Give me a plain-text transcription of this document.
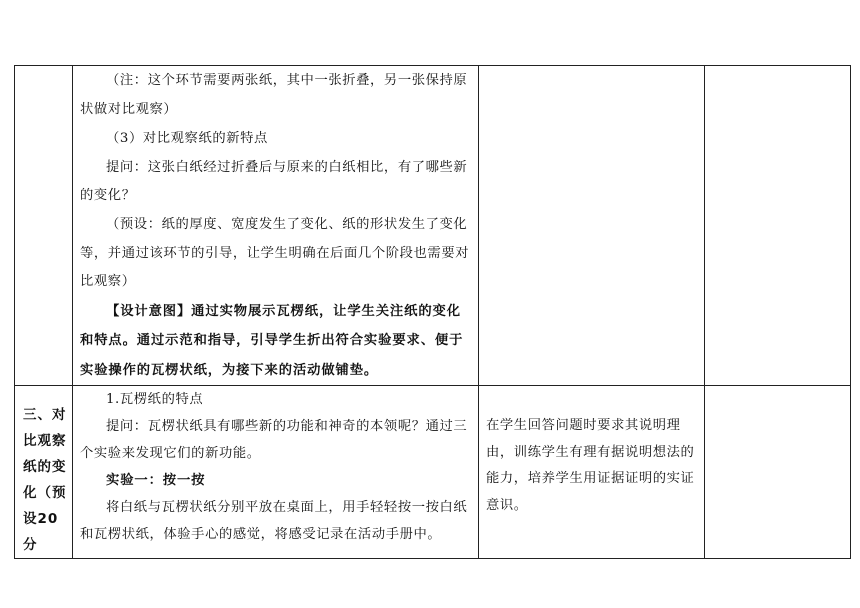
	（注：这个环节需要两张纸，其中一张折叠，另一张保持原状做对比观察）

（3）对比观察纸的新特点

提问：这张白纸经过折叠后与原来的白纸相比，有了哪些新的变化？

（预设：纸的厚度、宽度发生了变化、纸的形状发生了变化等，并通过该环节的引导，让学生明确在后面几个阶段也需要对比观察）

【设计意图】通过实物展示瓦楞纸，让学生关注纸的变化和特点。通过示范和指导，引导学生折出符合实验要求、便于实验操作的瓦楞状纸，为接下来的活动做铺垫。		

三、对比观察纸的变化（预设20分	1.瓦楞纸的特点

提问：瓦楞状纸具有哪些新的功能和神奇的本领呢？通过三个实验来发现它们的新功能。

实验一：按一按

将白纸与瓦楞状纸分别平放在桌面上，用手轻轻按一按白纸和瓦楞状纸，体验手心的感觉，将感受记录在活动手册中。	在学生回答问题时要求其说明理由，训练学生有理有据说明想法的能力，培养学生用证据证明的实证意识。	
